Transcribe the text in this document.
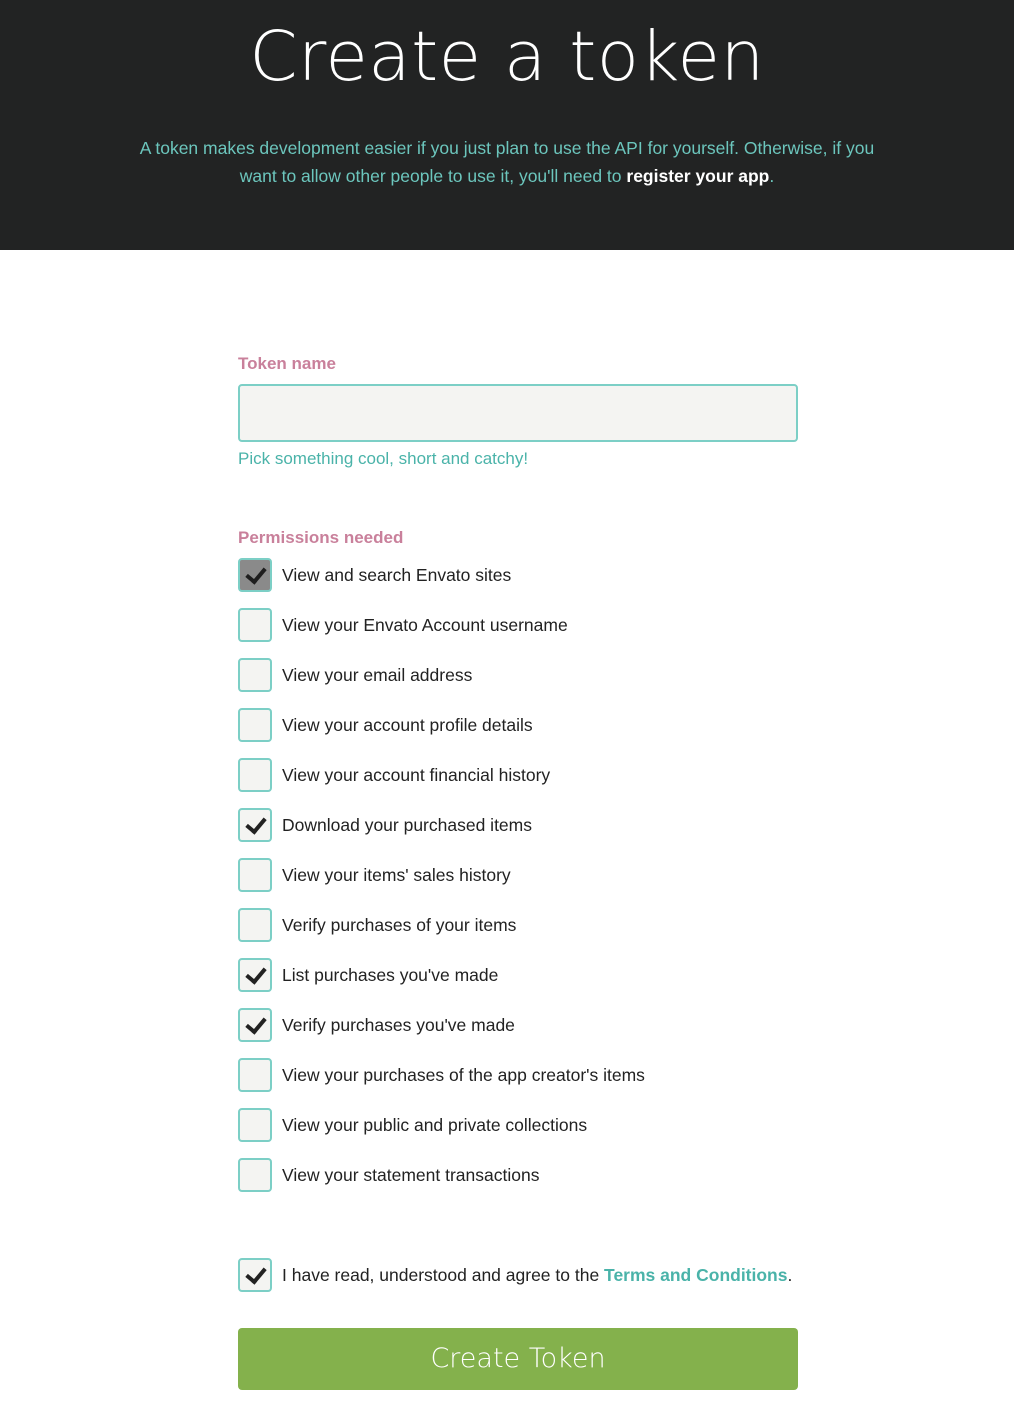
Create a token

A token makes development easier if you just plan to use the API for yourself. Otherwise, if you want to allow other people to use it, you'll need to register your app.

Token name
Pick something cool, short and catchy!
Permissions needed
View and search Envato sites
View your Envato Account username
View your email address
View your account profile details
View your account financial history
Download your purchased items
View your items' sales history
Verify purchases of your items
List purchases you've made
Verify purchases you've made
View your purchases of the app creator's items
View your public and private collections
View your statement transactions
I have read, understood and agree to the Terms and Conditions.
Create Token
